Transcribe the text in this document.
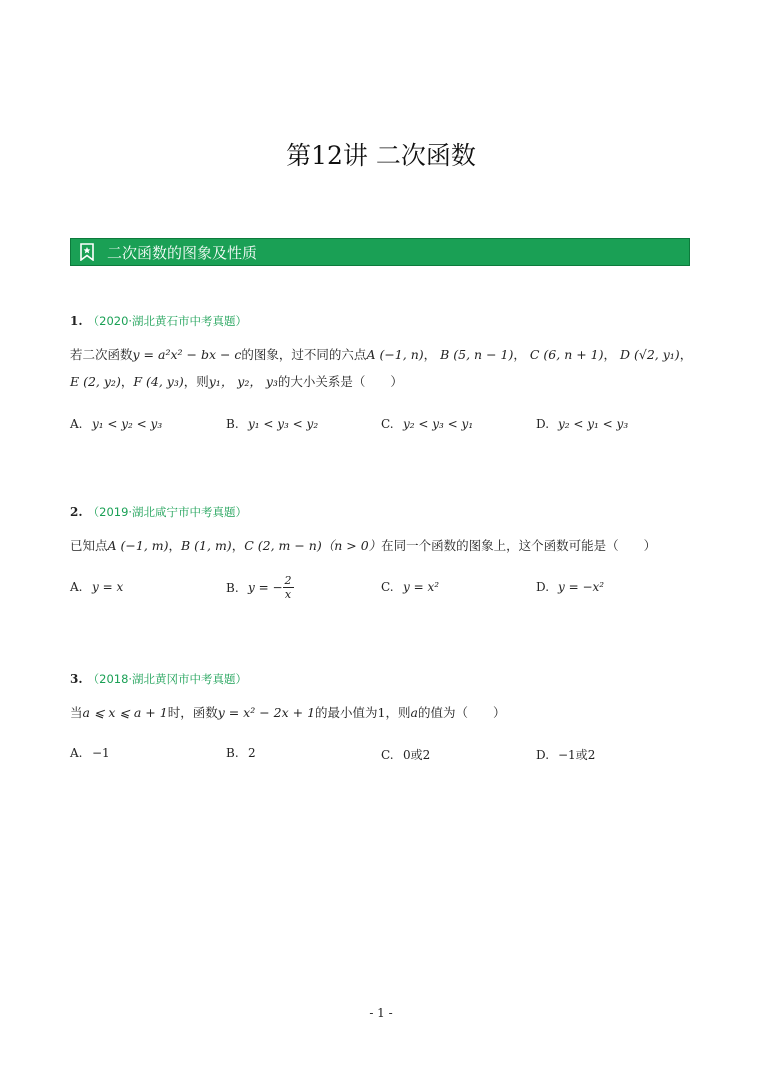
第12讲 二次函数
二次函数的图象及性质
1. （2020·湖北黄石市中考真题）
若二次函数y = a²x² − bx − c的图象，过不同的六点A (−1, n)， B (5, n − 1)， C (6, n + 1)， D (√2, y₁)，
E (2, y₂)，F (4, y₃)，则y₁， y₂， y₃的大小关系是（　　）
A. y₁ < y₂ < y₃	B. y₁ < y₃ < y₂	C. y₂ < y₃ < y₁	D. y₂ < y₁ < y₃
2. （2019·湖北咸宁市中考真题）
已知点A (−1, m)，B (1, m)，C (2, m − n)（n > 0）在同一个函数的图象上，这个函数可能是（　　）
A. y = x	B. y = − $\frac{2}{x}$	C. y = x²	D. y = −x²
3. （2018·湖北黄冈市中考真题）
当a ⩽ x ⩽ a + 1时，函数y = x² − 2x + 1的最小值为1，则a的值为（　　）
A. −1	B. 2	C. 0或2	D. −1或2
- 1 -
